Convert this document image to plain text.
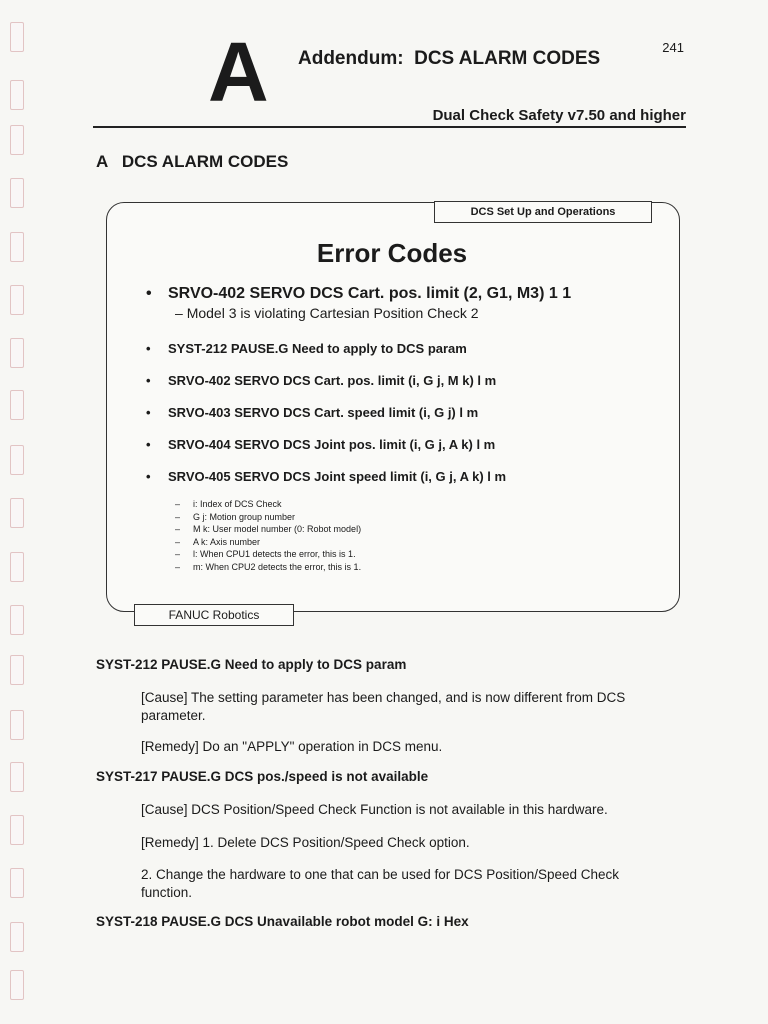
241
A Addendum:  DCS ALARM CODES
Dual Check Safety v7.50 and higher
A   DCS ALARM CODES
DCS Set Up and Operations
Error Codes
• SRVO-402 SERVO DCS Cart. pos. limit (2, G1, M3) 1 1
– Model 3 is violating Cartesian Position Check 2
• SYST-212 PAUSE.G Need to apply to DCS param
• SRVO-402 SERVO DCS Cart. pos. limit (i, G j, M k) l m
• SRVO-403 SERVO DCS Cart. speed limit (i, G j) l m
• SRVO-404 SERVO DCS Joint pos. limit (i, G j, A k) l m
• SRVO-405 SERVO DCS Joint speed limit (i, G j, A k) l m
– i: Index of DCS Check
– G j: Motion group number
– M k: User model number (0: Robot model)
– A k: Axis number
– l: When CPU1 detects the error, this is 1.
– m: When CPU2 detects the error, this is 1.
FANUC Robotics
SYST-212 PAUSE.G Need to apply to DCS param
[Cause] The setting parameter has been changed, and is now different from DCS parameter.
[Remedy] Do an "APPLY" operation in DCS menu.
SYST-217 PAUSE.G DCS pos./speed is not available
[Cause] DCS Position/Speed Check Function is not available in this hardware.
[Remedy] 1. Delete DCS Position/Speed Check option.
2. Change the hardware to one that can be used for DCS Position/Speed Check function.
SYST-218 PAUSE.G DCS Unavailable robot model G: i Hex
